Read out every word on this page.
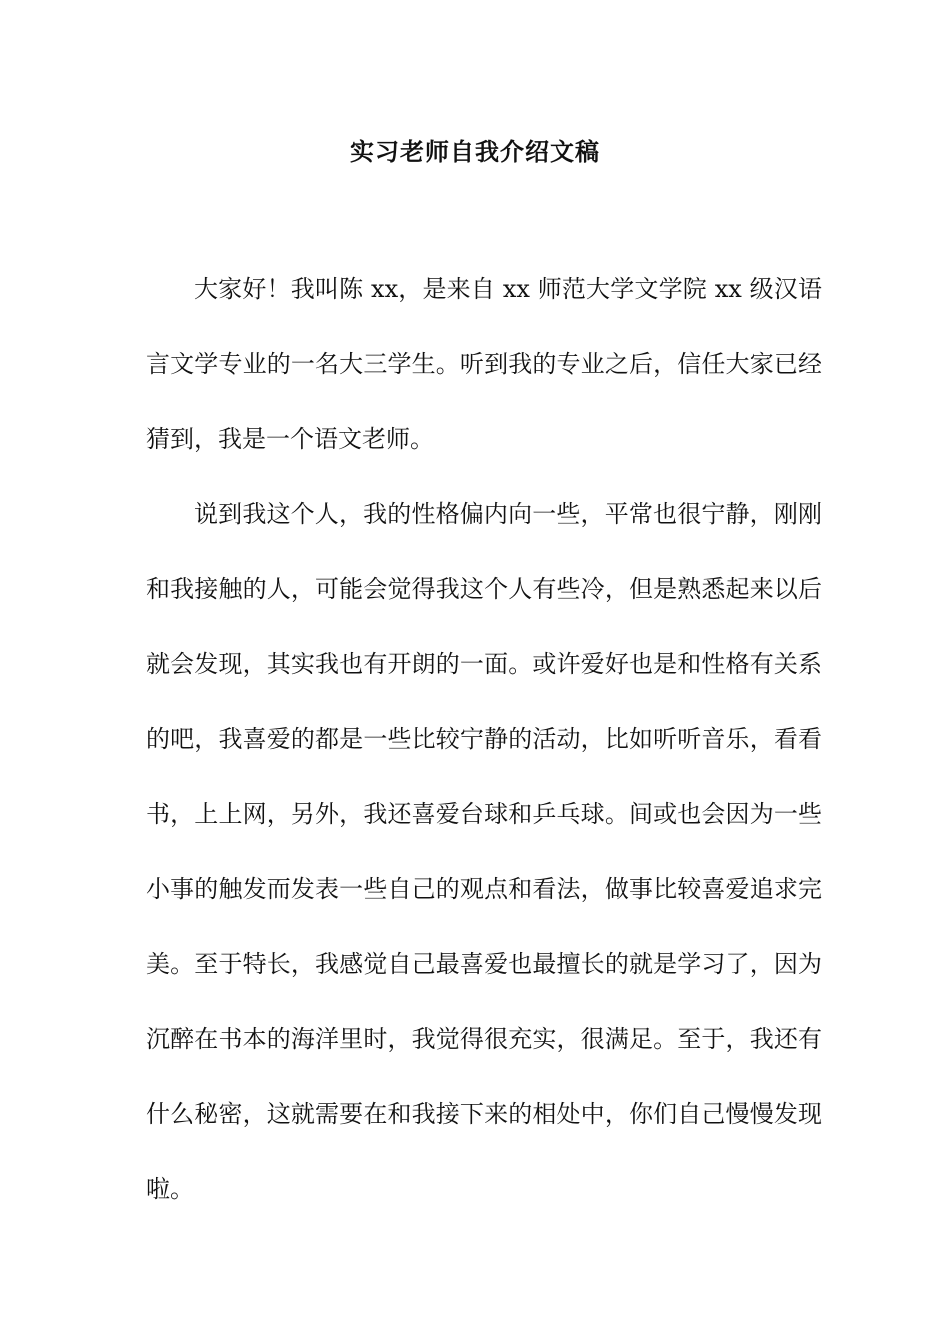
实习老师自我介绍文稿

大家好！我叫陈 xx，是来自 xx 师范大学文学院 xx 级汉语言文学专业的一名大三学生。听到我的专业之后，信任大家已经猜到，我是一个语文老师。

说到我这个人，我的性格偏内向一些，平常也很宁静，刚刚和我接触的人，可能会觉得我这个人有些冷，但是熟悉起来以后就会发现，其实我也有开朗的一面。或许爱好也是和性格有关系的吧，我喜爱的都是一些比较宁静的活动，比如听听音乐，看看书，上上网，另外，我还喜爱台球和乒乓球。间或也会因为一些小事的触发而发表一些自己的观点和看法，做事比较喜爱追求完美。至于特长，我感觉自己最喜爱也最擅长的就是学习了，因为沉醉在书本的海洋里时，我觉得很充实，很满足。至于，我还有什么秘密，这就需要在和我接下来的相处中，你们自己慢慢发现啦。
